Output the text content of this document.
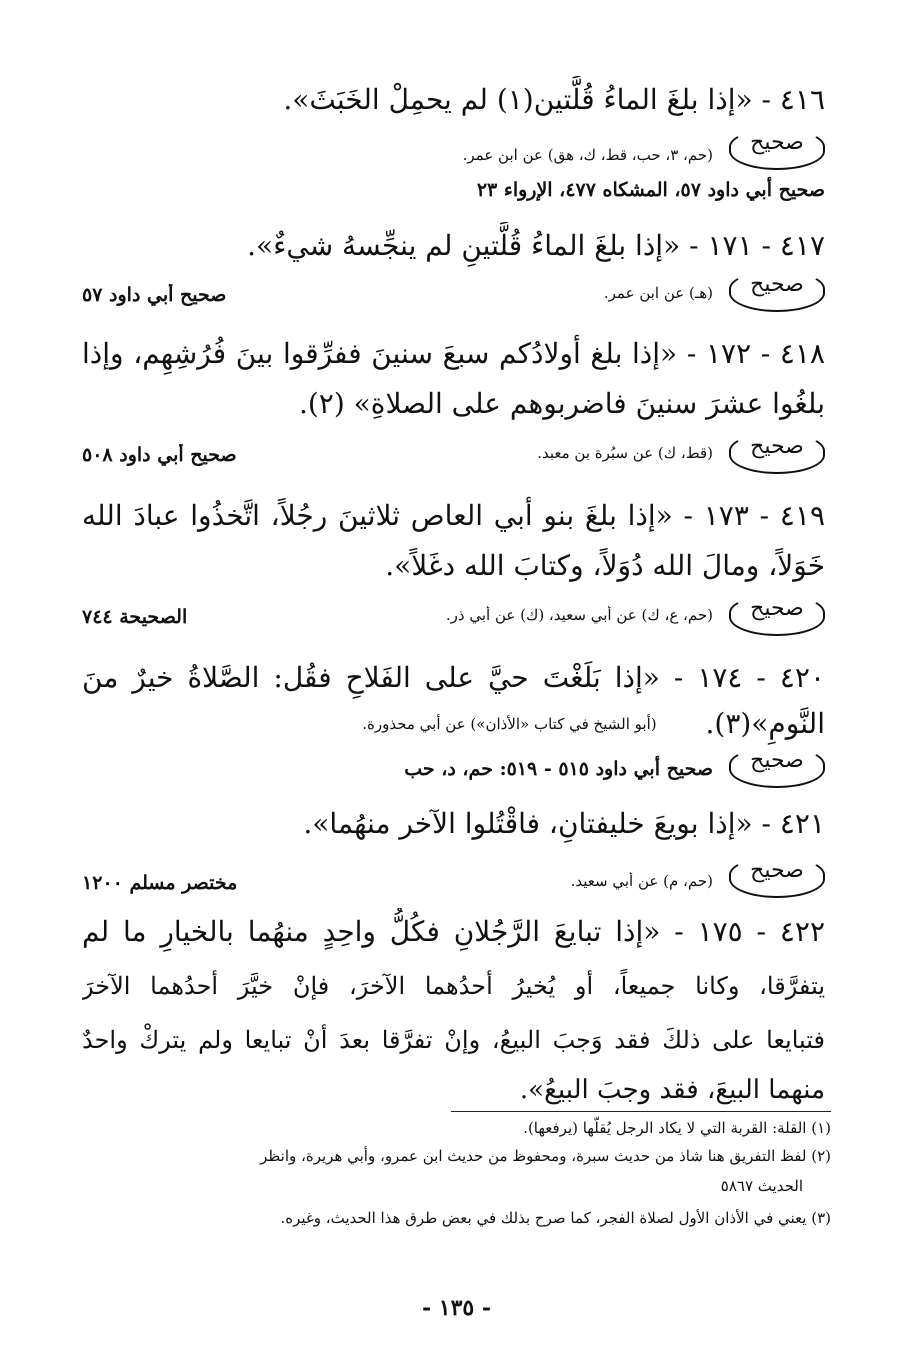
٤١٦ - «إذا بلغَ الماءُ قُلَّتين(١) لم يحمِلْ الخَبَثَ».
صحيح
(حم، ٣، حب، قط، ك، هق) عن ابن عمر.
صحيح أبي داود ٥٧، المشكاه ٤٧٧، الإرواء ٢٣
٤١٧ - ١٧١ - «إذا بلغَ الماءُ قُلَّتينِ لم ينجِّسهُ شيءٌ».
صحيح
صحيح أبي داود ٥٧	(هـ) عن ابن عمر.
٤١٨ - ١٧٢ - «إذا بلغ أولادُكم سبعَ سنينَ ففرِّقوا بينَ فُرُشِهِم، وإذا
بلغُوا عشرَ سنينَ فاضربوهم على الصلاةِ» (٢).
صحيح
صحيح أبي داود ٥٠٨	(قط، ك) عن سبُرة بن معبد.
٤١٩ - ١٧٣ - «إذا بلغَ بنو أبي العاص ثلاثينَ رجُلاً، اتَّخذُوا عبادَ الله
خَوَلاً، ومالَ الله دُوَلاً، وكتابَ الله دغَلاً».
صحيح
الصحيحة ٧٤٤	(حم، ع، ك) عن أبي سعيد، (ك) عن أبي ذر.
٤٢٠ - ١٧٤ - «إذا بَلَغْتَ حيَّ على الفَلاحِ فقُل: الصَّلاةُ خيرٌ منَ
النَّومِ»(٣). $^{(أبو الشيخ في كتاب «الأذان») عن أبي محذورة.}$
صحيح
صحيح أبي داود ٥١٥ - ٥١٩: حم، د، حب
٤٢١ - «إذا بويعَ خليفتانِ، فاقْتُلوا الآخر منهُما».
صحيح
مختصر مسلم ١٢٠٠	(حم، م) عن أبي سعيد.
٤٢٢ - ١٧٥ - «إذا تبايعَ الرَّجُلانِ فكُلُّ واحِدٍ منهُما بالخيارِ ما لم
يتفرَّقا، وكانا جميعاً، أو يُخيرُ أحدُهما الآخرَ، فإنْ خيَّرَ أحدُهما الآخرَ
فتبايعا على ذلكَ فقد وَجبَ البيعُ، وإنْ تفرَّقا بعدَ أنْ تبايعا ولم يتركْ واحدٌ
منهما البيعَ، فقد وجبَ البيعُ».
(١) القلة: القربة التي لا يكاد الرجل يُقلُّها (يرفعها).
(٢) لفظ التفريق هنا شاذ من حديث سبرة، ومحفوظ من حديث ابن عمرو، وأبي هريرة، وانظر
الحديث ٥٨٦٧
(٣) يعني في الأذان الأول لصلاة الفجر، كما صرح بذلك في بعض طرق هذا الحديث، وغيره.
- ١٣٥ -
